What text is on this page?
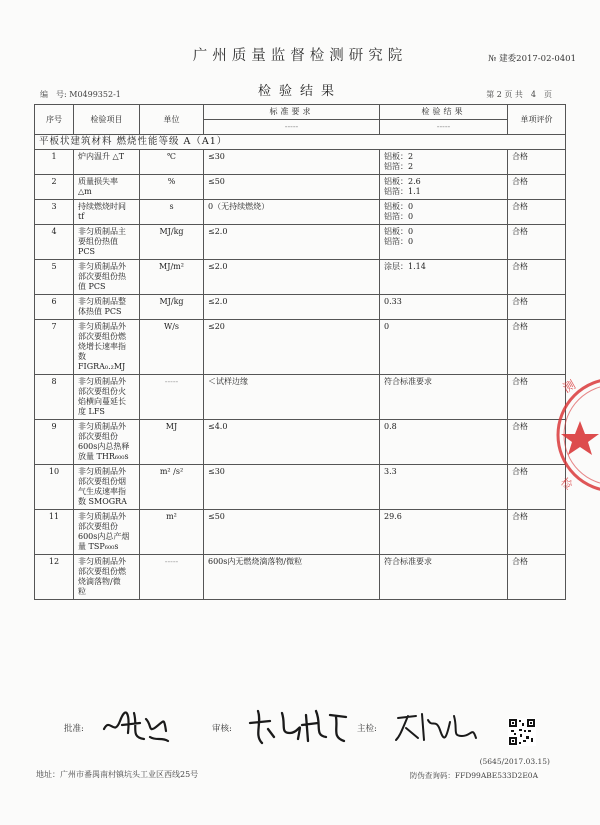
№ 建委2017-02-0401
广州质量监督检测研究院
检验结果
编　号: M0499352-1	第 2 页 共　4　页
序号	检验项目	单位	标准要求	检验结果	单项评价
			-----	-----	
平板状建筑材料 燃烧性能等级 A（A1）					
1	炉内温升 △T	℃	≤30	铝板：2
铝箔：2	合格
2	质量损失率
△m	%	≤50	铝板：2.6
铝箔：1.1	合格
3	持续燃烧时间
tf	s	0（无持续燃烧）	铝板：0
铝箔：0	合格
4	非匀质制品主
要组份热值
PCS	MJ/kg	≤2.0	铝板：0
铝箔：0	合格
5	非匀质制品外
部次要组份热
值 PCS	MJ/m²	≤2.0	涂层：1.14	合格
6	非匀质制品整
体热值 PCS	MJ/kg	≤2.0	0.33	合格
7	非匀质制品外
部次要组份燃
烧增长速率指
数 FIGRA₀.₂MJ	W/s	≤20	0	合格
8	非匀质制品外
部次要组份火
焰横向蔓延长
度 LFS	-----	＜试样边缘	符合标准要求	合格
9	非匀质制品外
部次要组份
600s内总热释
放量 THR₆₀₀s	MJ	≤4.0	0.8	合格
10	非匀质制品外
部次要组份烟
气生成速率指
数 SMOGRA	m² /s²	≤30	3.3	合格
11	非匀质制品外
部次要组份
600s内总产烟
量 TSP₆₀₀s	m²	≤50	29.6	合格
12	非匀质制品外
部次要组份燃
烧滴落物/微
粒	-----	600s内无燃烧滴落物/微粒	符合标准要求	合格
批准:	审核:	主检:
(5645/2017.03.15)
地址：广州市番禺南村镇坑头工业区西线25号	防伪查询码：FFD99ABE533D2E0A
测
检
